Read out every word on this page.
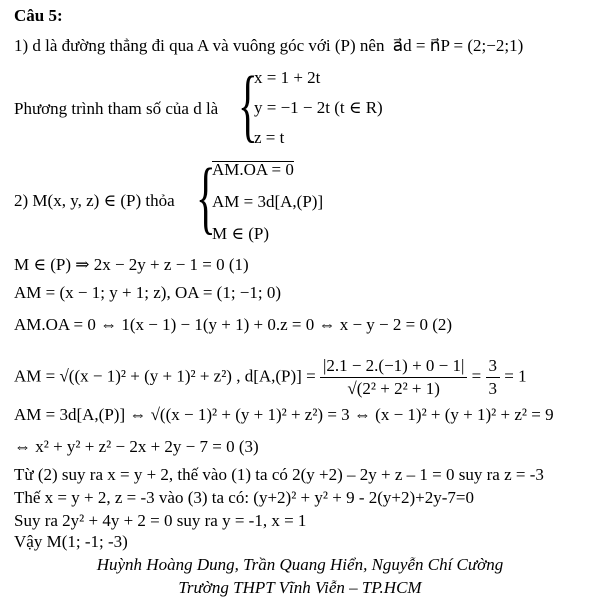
Câu 5:
1) d là đường thẳng đi qua A và vuông góc với (P) nên a⃗d = n⃗P = (2;−2;1)
Phương trình tham số của d là {
x = 1 + 2t
y = −1 − 2t (t ∈ R)
z = t
2) M(x, y, z) ∈ (P) thỏa {
AM.OA = 0
AM = 3d[A,(P)]
M ∈ (P)
M ∈ (P) ⇒ 2x − 2y + z − 1 = 0 (1)
AM = (x − 1; y + 1; z), OA = (1; −1; 0)
AM.OA = 0 ⇔ 1(x − 1) − 1(y + 1) + 0.z = 0 ⇔ x − y − 2 = 0 (2)
AM = √((x − 1)² + (y + 1)² + z²) , $d[A,(P)] = \frac{|2.1 - 2.(-1) + 0 - 1|}{\text{√(2² + 2² + 1)}} = \frac{3}{3} = 1$
AM = 3d[A,(P)] ⇔ √((x − 1)² + (y + 1)² + z²) = 3 ⇔ (x − 1)² + (y + 1)² + z² = 9
⇔ x² + y² + z² − 2x + 2y − 7 = 0 (3)
Từ (2) suy ra x = y + 2, thế vào (1) ta có 2(y +2) – 2y + z – 1 = 0 suy ra z = -3
Thế x = y + 2, z = -3 vào (3) ta có: (y+2)² + y² + 9 - 2(y+2)+2y-7=0
Suy ra 2y² + 4y + 2 = 0 suy ra y = -1, x = 1
Vậy M(1; -1; -3)
Huỳnh Hoàng Dung, Trần Quang Hiển, Nguyễn Chí Cường
Trường THPT Vĩnh Viễn – TP.HCM
